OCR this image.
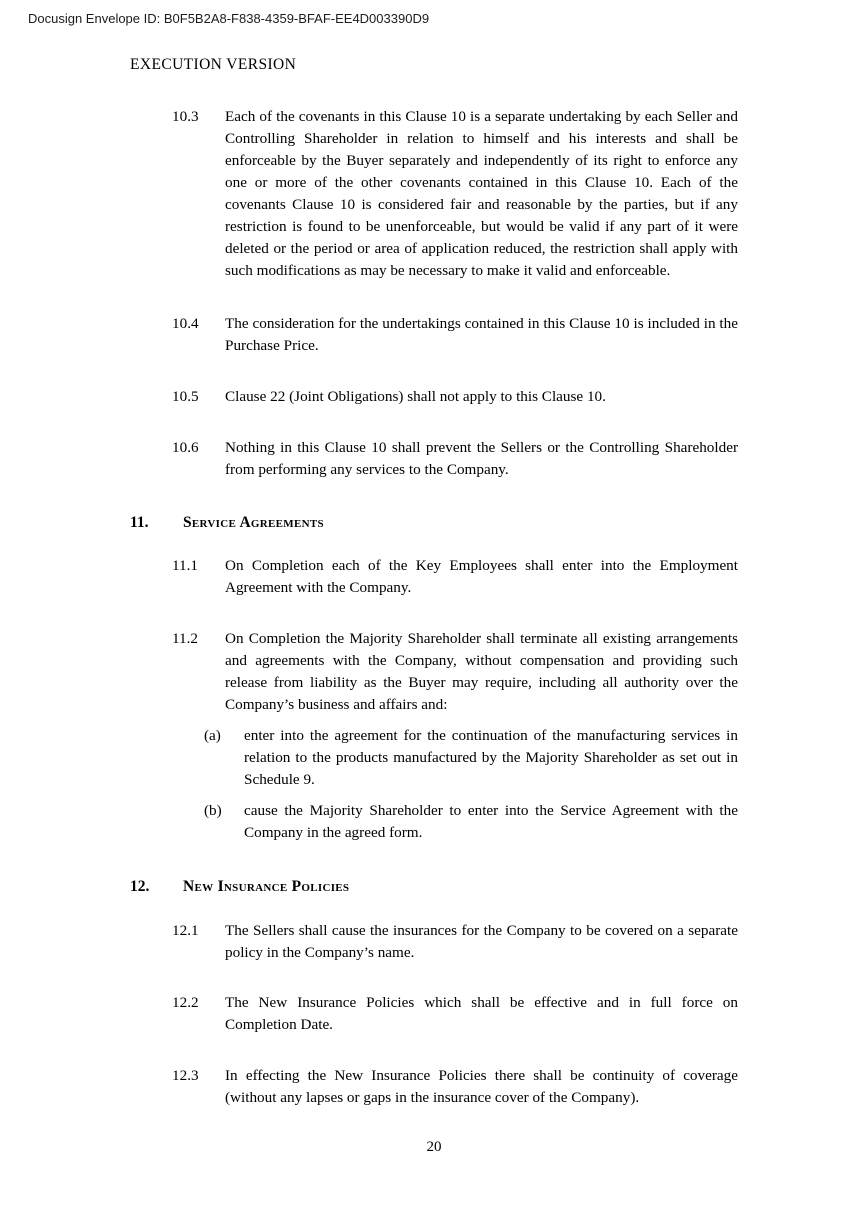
Docusign Envelope ID: B0F5B2A8-F838-4359-BFAF-EE4D003390D9
EXECUTION VERSION
10.3	Each of the covenants in this Clause 10 is a separate undertaking by each Seller and Controlling Shareholder in relation to himself and his interests and shall be enforceable by the Buyer separately and independently of its right to enforce any one or more of the other covenants contained in this Clause 10. Each of the covenants Clause 10 is considered fair and reasonable by the parties, but if any restriction is found to be unenforceable, but would be valid if any part of it were deleted or the period or area of application reduced, the restriction shall apply with such modifications as may be necessary to make it valid and enforceable.
10.4	The consideration for the undertakings contained in this Clause 10 is included in the Purchase Price.
10.5	Clause 22 (Joint Obligations) shall not apply to this Clause 10.
10.6	Nothing in this Clause 10 shall prevent the Sellers or the Controlling Shareholder from performing any services to the Company.
11.	Service Agreements
11.1	On Completion each of the Key Employees shall enter into the Employment Agreement with the Company.
11.2	On Completion the Majority Shareholder shall terminate all existing arrangements and agreements with the Company, without compensation and providing such release from liability as the Buyer may require, including all authority over the Company’s business and affairs and:
(a)	enter into the agreement for the continuation of the manufacturing services in relation to the products manufactured by the Majority Shareholder as set out in Schedule 9.
(b)	cause the Majority Shareholder to enter into the Service Agreement with the Company in the agreed form.
12.	New Insurance Policies
12.1	The Sellers shall cause the insurances for the Company to be covered on a separate policy in the Company’s name.
12.2	The New Insurance Policies which shall be effective and in full force on Completion Date.
12.3	In effecting the New Insurance Policies there shall be continuity of coverage (without any lapses or gaps in the insurance cover of the Company).
20
